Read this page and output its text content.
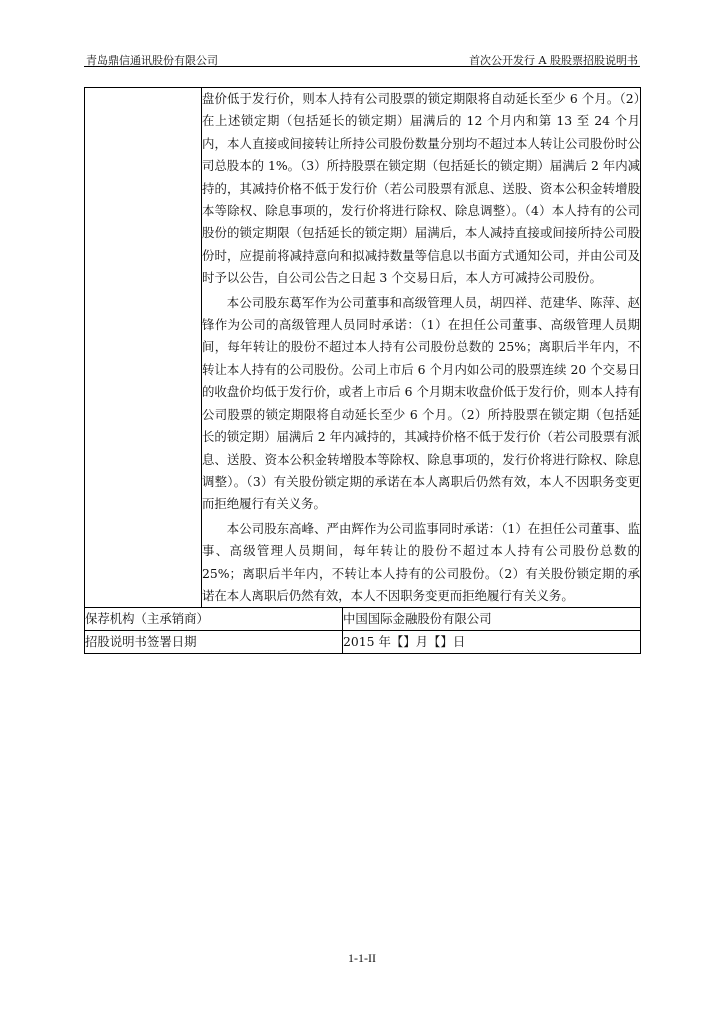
青岛鼎信通讯股份有限公司	首次公开发行 A 股股票招股说明书

	盘价低于发行价，则本人持有公司股票的锁定期限将自动延长至少 6 个月。（2）在上述锁定期（包括延长的锁定期）届满后的 12 个月内和第 13 至 24 个月内，本人直接或间接转让所持公司股份数量分别均不超过本人转让公司股份时公司总股本的 1%。（3）所持股票在锁定期（包括延长的锁定期）届满后 2 年内减持的，其减持价格不低于发行价（若公司股票有派息、送股、资本公积金转增股本等除权、除息事项的，发行价将进行除权、除息调整）。（4）本人持有的公司股份的锁定期限（包括延长的锁定期）届满后，本人减持直接或间接所持公司股份时，应提前将减持意向和拟减持数量等信息以书面方式通知公司，并由公司及时予以公告，自公司公告之日起 3 个交易日后，本人方可减持公司股份。

本公司股东葛军作为公司董事和高级管理人员，胡四祥、范建华、陈萍、赵锋作为公司的高级管理人员同时承诺：（1）在担任公司董事、高级管理人员期间，每年转让的股份不超过本人持有公司股份总数的 25%；离职后半年内，不转让本人持有的公司股份。公司上市后 6 个月内如公司的股票连续 20 个交易日的收盘价均低于发行价，或者上市后 6 个月期末收盘价低于发行价，则本人持有公司股票的锁定期限将自动延长至少 6 个月。（2）所持股票在锁定期（包括延长的锁定期）届满后 2 年内减持的，其减持价格不低于发行价（若公司股票有派息、送股、资本公积金转增股本等除权、除息事项的，发行价将进行除权、除息调整）。（3）有关股份锁定期的承诺在本人离职后仍然有效，本人不因职务变更而拒绝履行有关义务。

本公司股东高峰、严由辉作为公司监事同时承诺：（1）在担任公司董事、监事、高级管理人员期间，每年转让的股份不超过本人持有公司股份总数的 25%；离职后半年内，不转让本人持有的公司股份。（2）有关股份锁定期的承诺在本人离职后仍然有效，本人不因职务变更而拒绝履行有关义务。	

保荐机构（主承销商）		中国国际金融股份有限公司
招股说明书签署日期		2015 年【】月【】日
1-1-II
